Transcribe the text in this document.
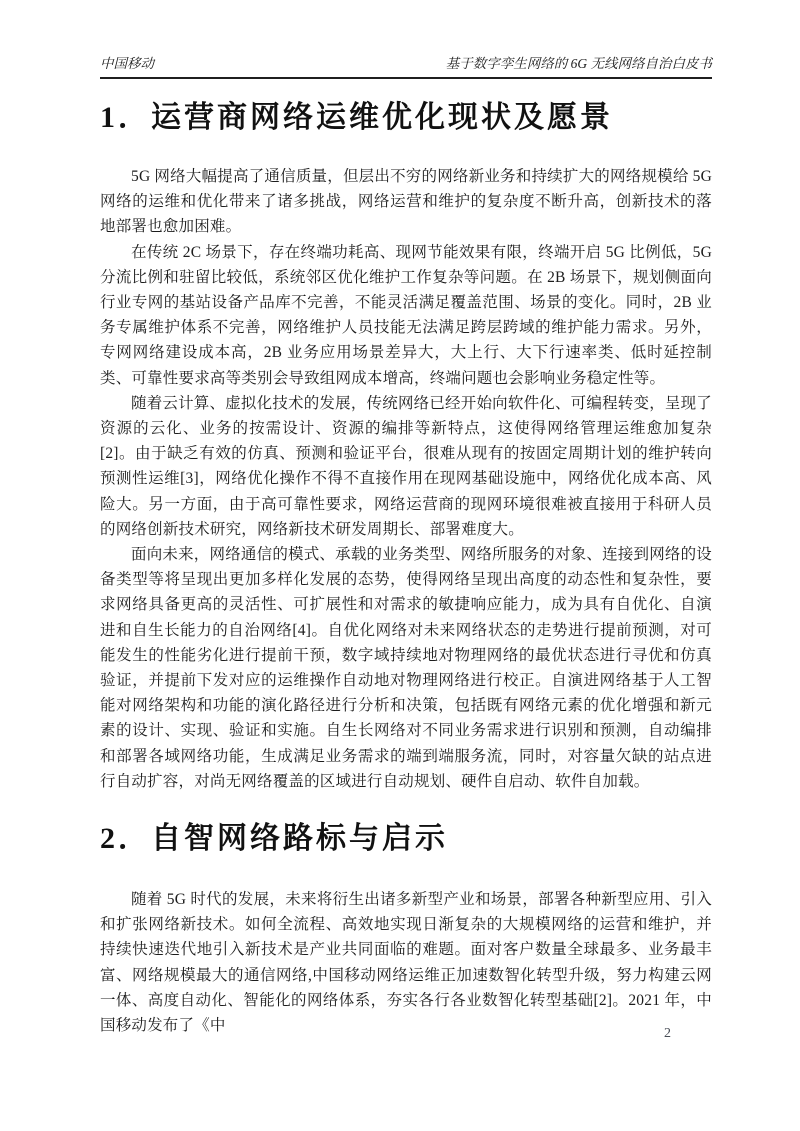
中国移动	基于数字孪生网络的 6G 无线网络自治白皮书
1．运营商网络运维优化现状及愿景

5G 网络大幅提高了通信质量，但层出不穷的网络新业务和持续扩大的网络规模给 5G 网络的运维和优化带来了诸多挑战，网络运营和维护的复杂度不断升高，创新技术的落地部署也愈加困难。

在传统 2C 场景下，存在终端功耗高、现网节能效果有限，终端开启 5G 比例低，5G 分流比例和驻留比较低，系统邻区优化维护工作复杂等问题。在 2B 场景下，规划侧面向行业专网的基站设备产品库不完善，不能灵活满足覆盖范围、场景的变化。同时，2B 业务专属维护体系不完善，网络维护人员技能无法满足跨层跨域的维护能力需求。另外，专网网络建设成本高，2B 业务应用场景差异大，大上行、大下行速率类、低时延控制类、可靠性要求高等类别会导致组网成本增高，终端问题也会影响业务稳定性等。

随着云计算、虚拟化技术的发展，传统网络已经开始向软件化、可编程转变，呈现了资源的云化、业务的按需设计、资源的编排等新特点，这使得网络管理运维愈加复杂[2]。由于缺乏有效的仿真、预测和验证平台，很难从现有的按固定周期计划的维护转向预测性运维[3]，网络优化操作不得不直接作用在现网基础设施中，网络优化成本高、风险大。另一方面，由于高可靠性要求，网络运营商的现网环境很难被直接用于科研人员的网络创新技术研究，网络新技术研发周期长、部署难度大。

面向未来，网络通信的模式、承载的业务类型、网络所服务的对象、连接到网络的设备类型等将呈现出更加多样化发展的态势，使得网络呈现出高度的动态性和复杂性，要求网络具备更高的灵活性、可扩展性和对需求的敏捷响应能力，成为具有自优化、自演进和自生长能力的自治网络[4]。自优化网络对未来网络状态的走势进行提前预测，对可能发生的性能劣化进行提前干预，数字域持续地对物理网络的最优状态进行寻优和仿真验证，并提前下发对应的运维操作自动地对物理网络进行校正。自演进网络基于人工智能对网络架构和功能的演化路径进行分析和决策，包括既有网络元素的优化增强和新元素的设计、实现、验证和实施。自生长网络对不同业务需求进行识别和预测，自动编排和部署各域网络功能，生成满足业务需求的端到端服务流，同时，对容量欠缺的站点进行自动扩容，对尚无网络覆盖的区域进行自动规划、硬件自启动、软件自加载。

2．自智网络路标与启示

随着 5G 时代的发展，未来将衍生出诸多新型产业和场景，部署各种新型应用、引入和扩张网络新技术。如何全流程、高效地实现日渐复杂的大规模网络的运营和维护，并持续快速迭代地引入新技术是产业共同面临的难题。面对客户数量全球最多、业务最丰富、网络规模最大的通信网络,中国移动网络运维正加速数智化转型升级，努力构建云网一体、高度自动化、智能化的网络体系，夯实各行各业数智化转型基础[2]。2021 年，中国移动发布了《中	2
